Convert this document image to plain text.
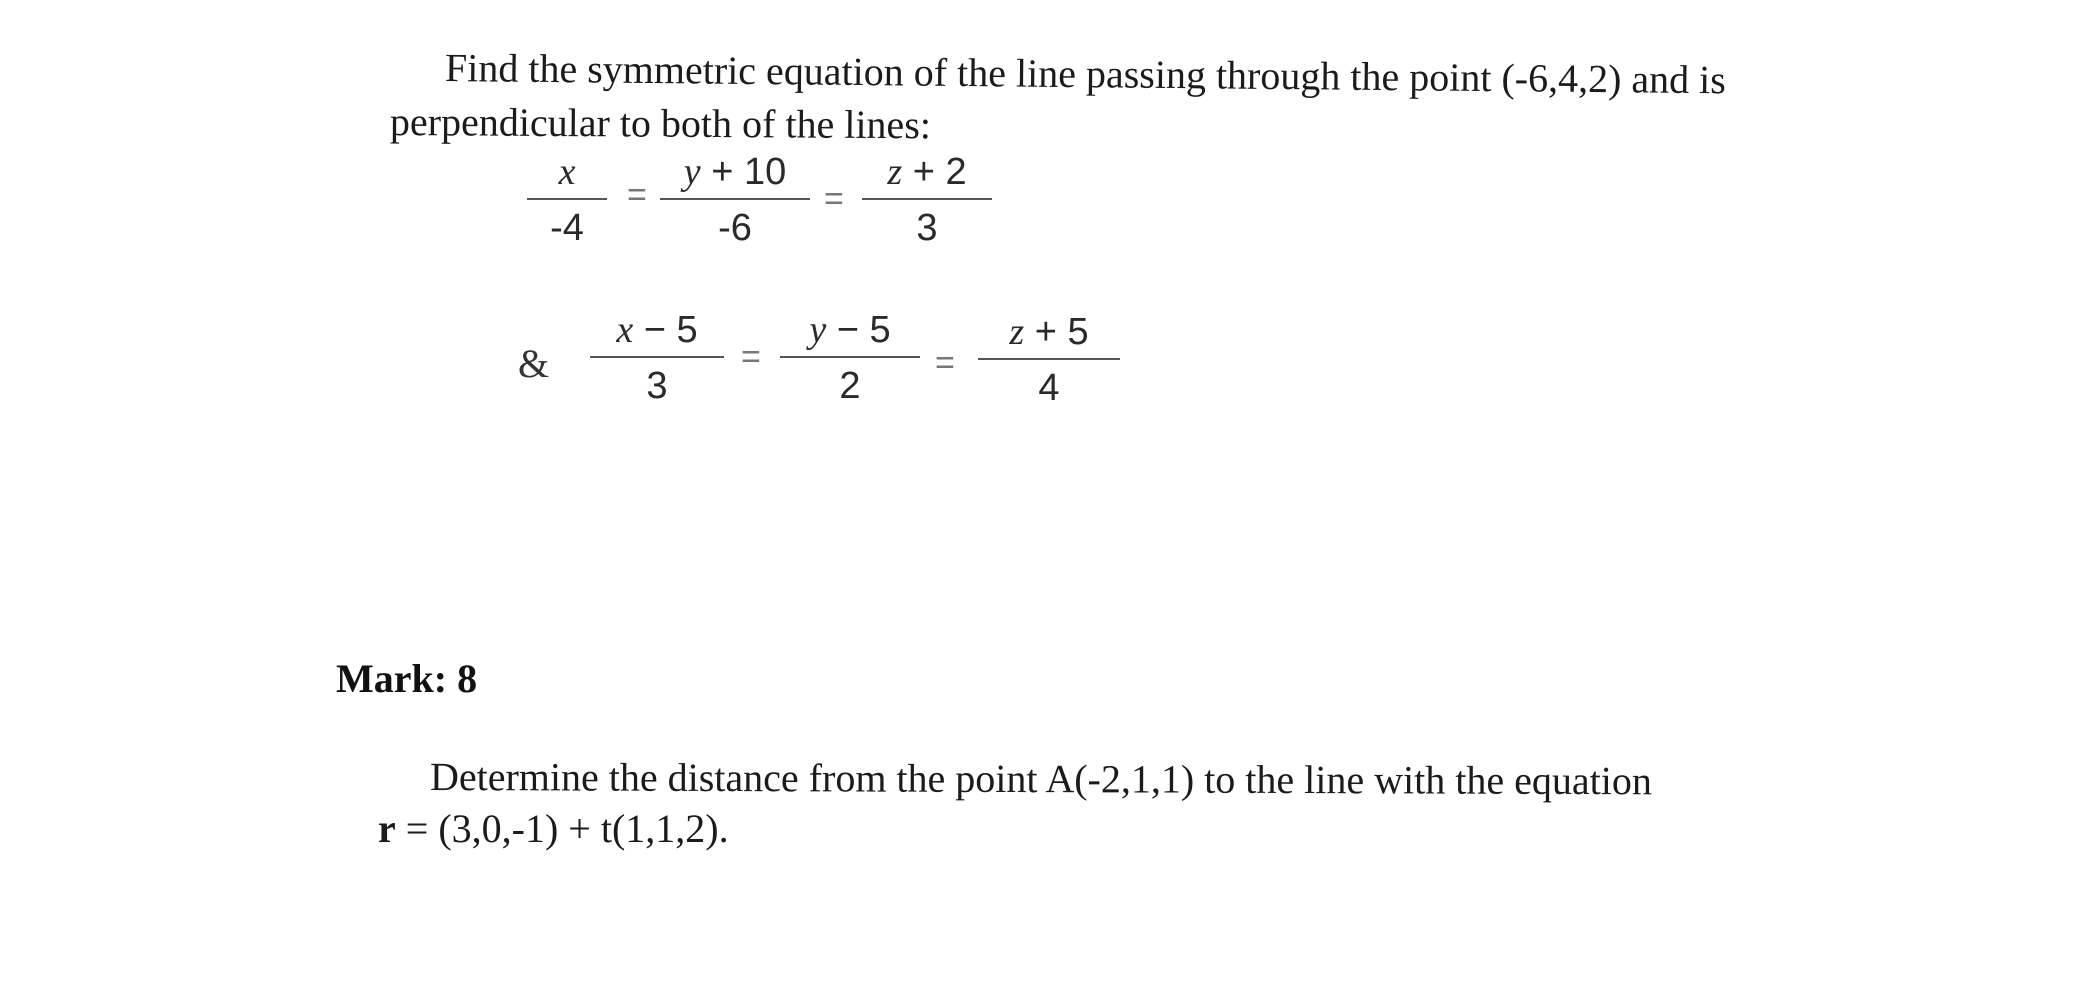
Find the symmetric equation of the line passing through the point (-6,4,2) and is
perpendicular to both of the lines:
x
-4
=
y + 10
-6
=
z + 2
3
&
x − 5
3
=
y − 5
2
=
z + 5
4
Mark: 8
Determine the distance from the point A(-2,1,1) to the line with the equation
r = (3,0,-1) + t(1,1,2).
